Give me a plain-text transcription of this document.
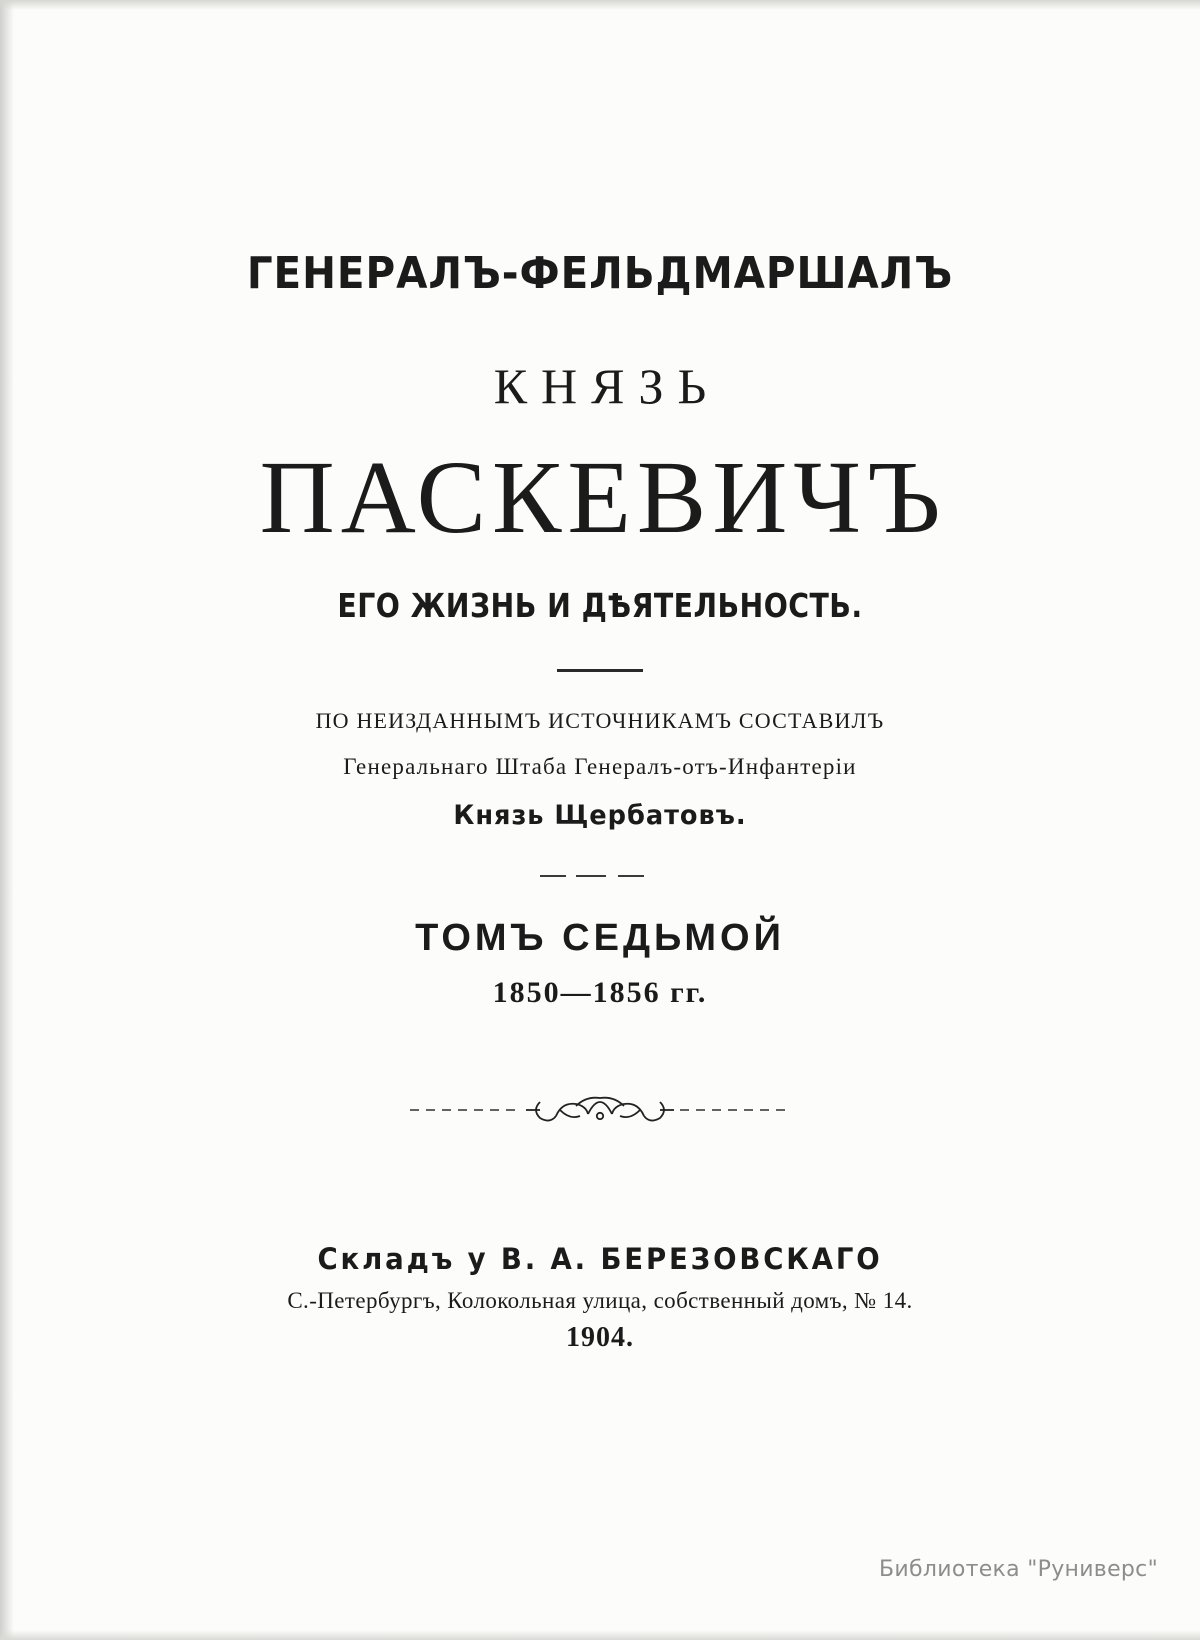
ГЕНЕРАЛЪ-ФЕЛЬДМАРШАЛЪ
КНЯЗЬ
ПАСКЕВИЧЪ
ЕГО ЖИЗНЬ И ДѢЯТЕЛЬНОСТЬ.
ПО НЕИЗДАННЫМЪ ИСТОЧНИКАМЪ СОСТАВИЛЪ
Генеральнаго Штаба Генералъ-отъ-Инфантеріи
Князь Щербатовъ.
ТОМЪ СЕДЬМОЙ
1850—1856 гг.
Складъ у В. А. БЕРЕЗОВСКАГО
С.-Петербургъ, Колокольная улица, собственный домъ, № 14.
1904.
Библиотека "Руниверс"
